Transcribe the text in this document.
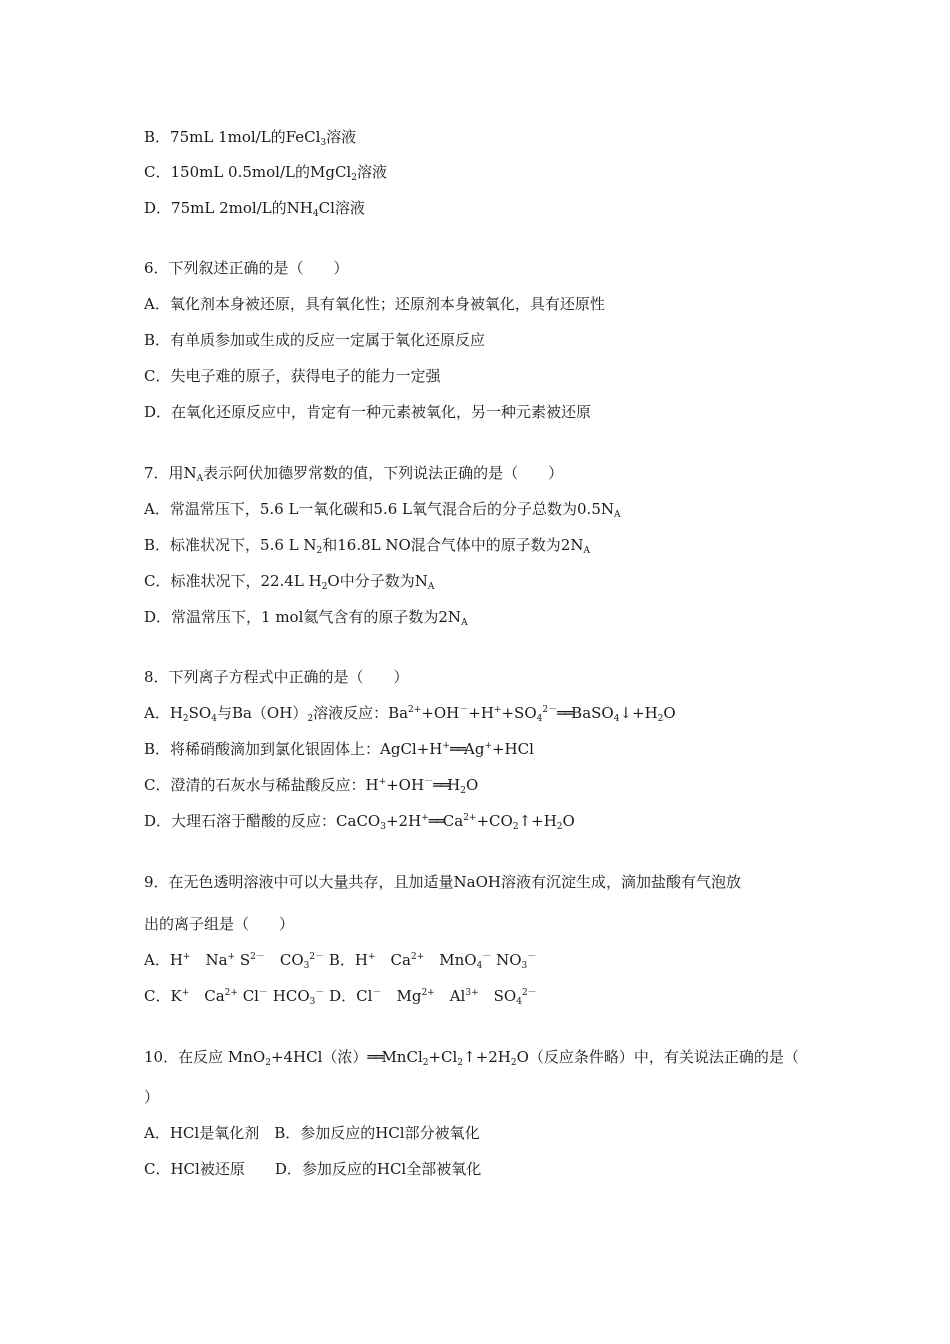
B．75mL 1mol/L的FeCl$_3$溶液

C．150mL 0.5mol/L的MgCl$_2$溶液

D．75mL 2mol/L的$NH_4Cl$溶液

6．下列叙述正确的是（　　）

A．氧化剂本身被还原，具有氧化性；还原剂本身被氧化，具有还原性

B．有单质参加或生成的反应一定属于氧化还原反应

C．失电子难的原子，获得电子的能力一定强

D．在氧化还原反应中，肯定有一种元素被氧化，另一种元素被还原

7．用$N_A$表示阿伏加德罗常数的值，下列说法正确的是（　　）

A．常温常压下，5.6 L一氧化碳和5.6 L氧气混合后的分子总数为$0.5N_A$

B．标准状况下，5.6 L $N_2$和16.8L NO混合气体中的原子数为$2N_A$

C．标准状况下，22.4L $H_2O$中分子数为$N_A$

D．常温常压下，1 mol氦气含有的原子数为$2N_A$

8．下列离子方程式中正确的是（　　）

A．$H_2SO_4$与$Ba(OH)_2$溶液反应：$Ba^{2+}+OH^-+H^++SO_4^{2-}══BaSO_4↓+H_2O$

B．将稀硝酸滴加到氯化银固体上：AgCl+H+══Ag++HCl

C．澄清的石灰水与稀盐酸反应：$H^++OH^-══H_2O$

D．大理石溶于醋酸的反应：$CaCO_3+2H^+══Ca^{2+}+CO_2↑+H_2O$

9．在无色透明溶液中可以大量共存，且加适量NaOH溶液有沉淀生成，滴加盐酸有气泡放

出的离子组是（　　）

A．H+　Na+ $S^{2-}$　$CO_3^{2-}$ B．H+　$Ca^{2+}$　MnO$_4$－ $NO_3^-$

C．K+　$Ca^{2+}$ Cl－ $HCO_3^-$ D．Cl－　$Mg^{2+}$　$Al^{3+}$　$SO_4^{2-}$

10．在反应 MnO$_2$+4HCl（浓）$══MnCl_2+Cl_2↑+2H_2O$（反应条件略）中，有关说法正确的是（

）

A．HCl是氧化剂　B．参加反应的HCl部分被氧化

C．HCl被还原　　D．参加反应的HCl全部被氧化
